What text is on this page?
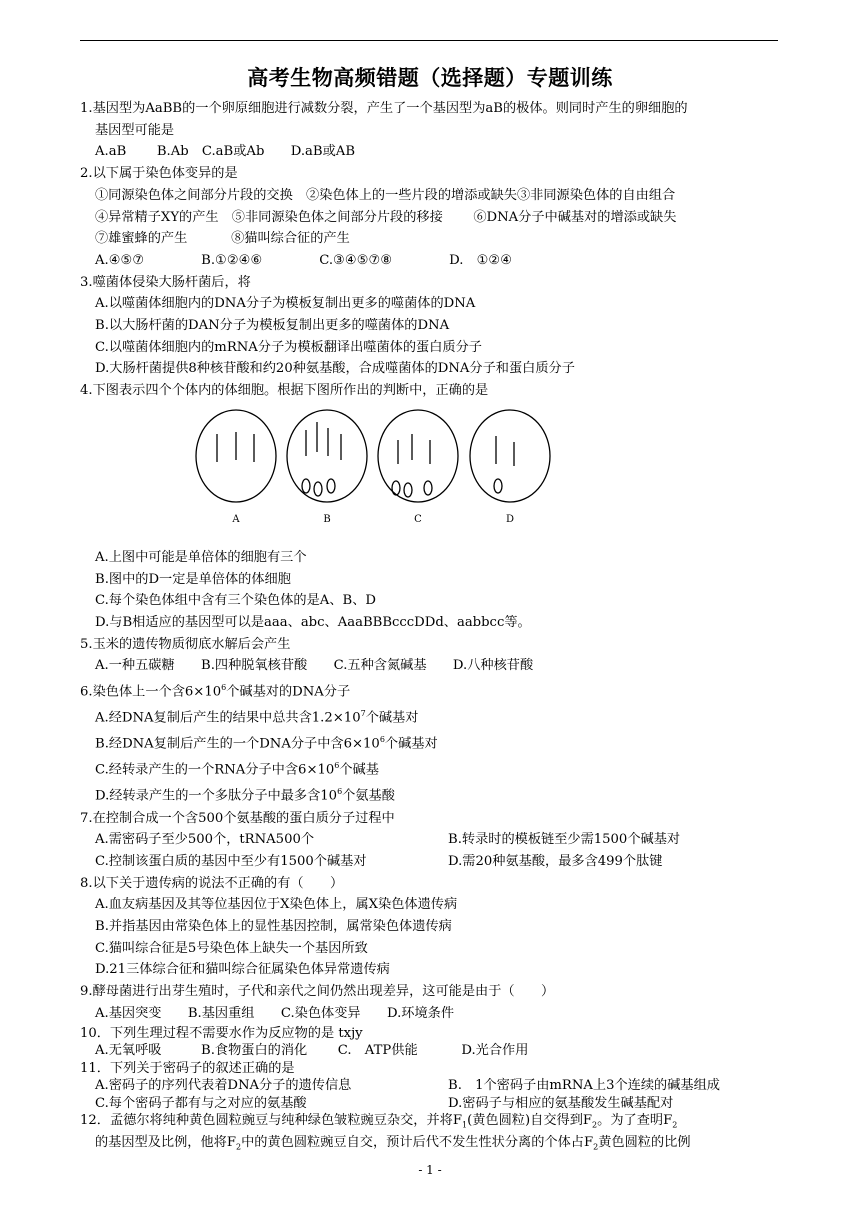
高考生物高频错题（选择题）专题训练
1.基因型为AaBB的一个卵原细胞进行减数分裂，产生了一个基因型为aB的极体。则同时产生的卵细胞的
基因型可能是
A.aB　　 B.Ab　C.aB或Ab　　D.aB或AB
2.以下属于染色体变异的是
①同源染色体之间部分片段的交换　②染色体上的一些片段的增添或缺失③非同源染色体的自由组合
④异常精子XY的产生　⑤非同源染色体之间部分片段的移接　　 ⑥DNA分子中碱基对的增添或缺失
⑦雄蜜蜂的产生　　　 ⑧猫叫综合征的产生
A.④⑤⑦　　　　 B.①②④⑥　　　　 C.③④⑤⑦⑧　　　　 D.　①②④
3.噬菌体侵染大肠杆菌后，将
A.以噬菌体细胞内的DNA分子为模板复制出更多的噬菌体的DNA
B.以大肠杆菌的DAN分子为模板复制出更多的噬菌体的DNA
C.以噬菌体细胞内的mRNA分子为模板翻译出噬菌体的蛋白质分子
D.大肠杆菌提供8种核苷酸和约20种氨基酸，合成噬菌体的DNA分子和蛋白质分子
4.下图表示四个个体内的体细胞。根据下图所作出的判断中，正确的是
A	B	C	D
A.上图中可能是单倍体的细胞有三个
B.图中的D一定是单倍体的体细胞
C.每个染色体组中含有三个染色体的是A、B、D
D.与B相适应的基因型可以是aaa、abc、AaaBBBcccDDd、aabbcc等。
5.玉米的遗传物质彻底水解后会产生
A.一种五碳糖　　B.四种脱氧核苷酸　　C.五种含氮碱基　　D.八种核苷酸
6.染色体上一个含$6\times 10^6$个碱基对的DNA分子
A.经DNA复制后产生的结果中总共含$1.2\times 10^7$个碱基对
B.经DNA复制后产生的一个DNA分子中含$6\times 10^6$个碱基对
C.经转录产生的一个RNA分子中含$6\times 10^6$个碱基
D.经转录产生的一个多肽分子中最多含$10^6$个氨基酸
7.在控制合成一个含500个氨基酸的蛋白质分子过程中
A.需密码子至少500个，tRNA500个	B.转录时的模板链至少需1500个碱基对
C.控制该蛋白质的基因中至少有1500个碱基对	D.需20种氨基酸，最多含499个肽键
8.以下关于遗传病的说法不正确的有（　　）
A.血友病基因及其等位基因位于X染色体上，属X染色体遗传病
B.并指基因由常染色体上的显性基因控制，属常染色体遗传病
C.猫叫综合征是5号染色体上缺失一个基因所致
D.21三体综合征和猫叫综合征属染色体异常遗传病
9.酵母菌进行出芽生殖时，子代和亲代之间仍然出现差异，这可能是由于（　　）
A.基因突变　　B.基因重组　　C.染色体变异　　D.环境条件
10．下列生理过程不需要水作为反应物的是 txjy
A.无氧呼吸　　　B.食物蛋白的消化　　 C.　ATP供能　　　 D.光合作用
11．下列关于密码子的叙述正确的是
A.密码子的序列代表着DNA分子的遗传信息	B.　1个密码子由mRNA上3个连续的碱基组成
C.每个密码子都有与之对应的氨基酸	D.密码子与相应的氨基酸发生碱基配对
12．孟德尔将纯种黄色圆粒豌豆与纯种绿色皱粒豌豆杂交，并将$F_1$(黄色圆粒)自交得到$F_2$。为了查明$F_2$
的基因型及比例，他将$F_2$中的黄色圆粒豌豆自交，预计后代不发生性状分离的个体占$F_2$黄色圆粒的比例
- 1 -
